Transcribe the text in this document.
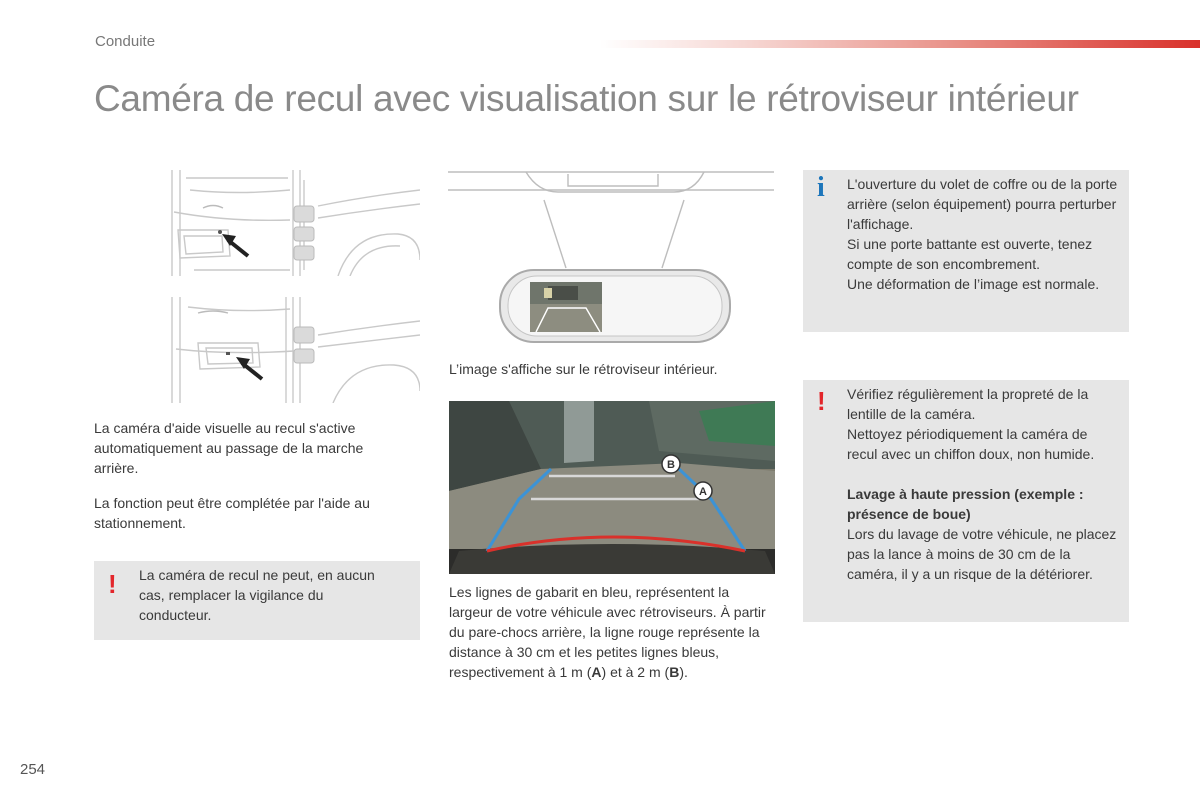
Conduite
Caméra de recul avec visualisation sur le rétroviseur intérieur

La caméra d'aide visuelle au recul s'active automatiquement au passage de la marche arrière.

La fonction peut être complétée par l'aide au stationnement.

! La caméra de recul ne peut, en aucun cas, remplacer la vigilance du conducteur.

L’image s'affiche sur le rétroviseur intérieur.

B
A

Les lignes de gabarit en bleu, représentent la largeur de votre véhicule avec rétroviseurs. À partir du pare-chocs arrière, la ligne rouge représente la distance à 30 cm et les petites lignes bleus, respectivement à 1 m (A) et à 2 m (B).

i L'ouverture du volet de coffre ou de la porte arrière (selon équipement) pourra perturber l'affichage.

Si une porte battante est ouverte, tenez compte de son encombrement.

Une déformation de l’image est normale.

! Vérifiez régulièrement la propreté de la lentille de la caméra.

Nettoyez périodiquement la caméra de recul avec un chiffon doux, non humide.

Lavage à haute pression (exemple : présence de boue)

Lors du lavage de votre véhicule, ne placez pas la lance à moins de 30 cm de la caméra, il y a un risque de la détériorer.

254
